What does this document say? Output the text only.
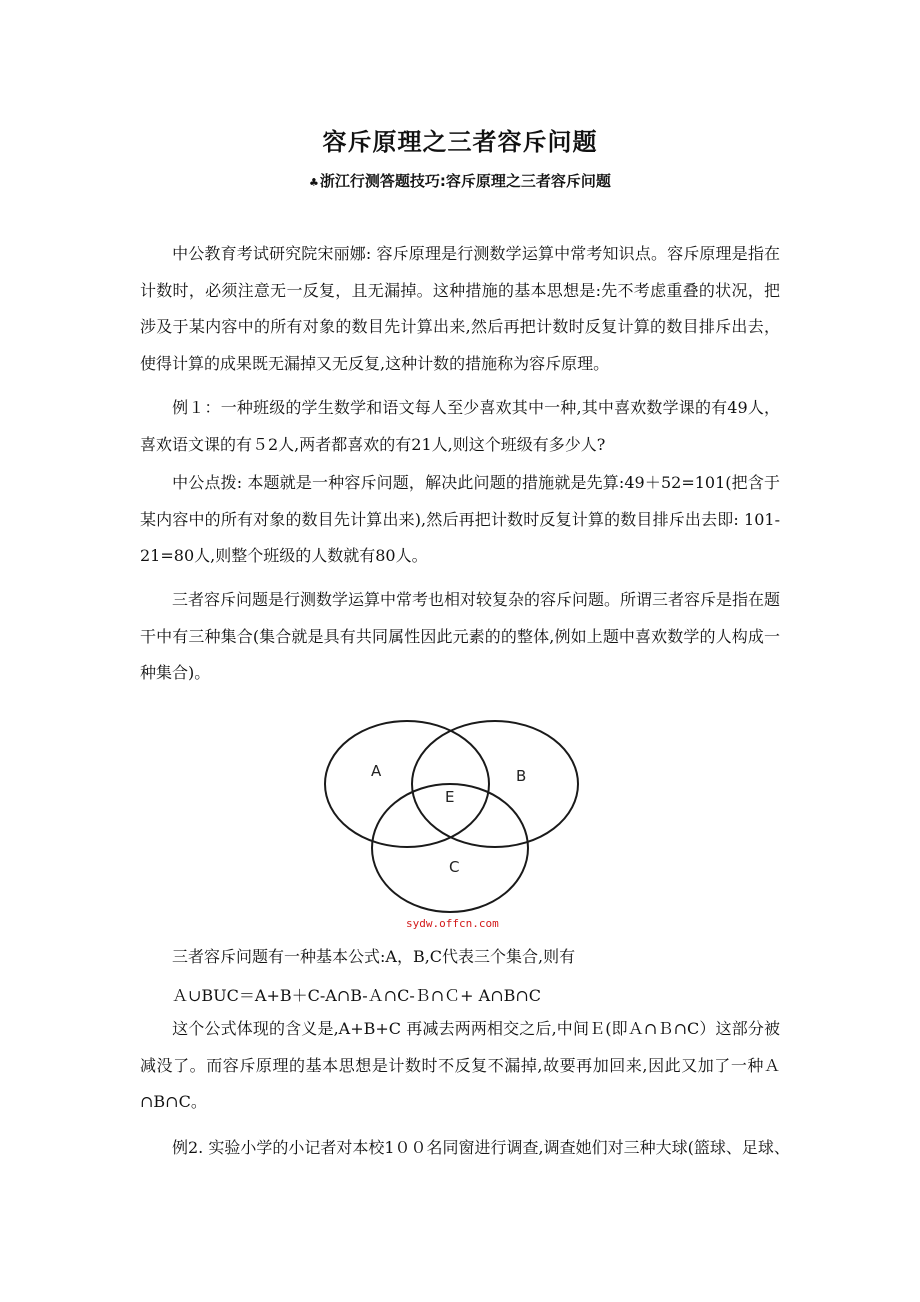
容斥原理之三者容斥问题
♣浙江行测答题技巧:容斥原理之三者容斥问题

中公教育考试研究院宋丽娜: 容斥原理是行测数学运算中常考知识点。容斥原理是指在计数时，必须注意无一反复，且无漏掉。这种措施的基本思想是:先不考虑重叠的状况，把涉及于某内容中的所有对象的数目先计算出来,然后再把计数时反复计算的数目排斥出去，使得计算的成果既无漏掉又无反复,这种计数的措施称为容斥原理。

例１：一种班级的学生数学和语文每人至少喜欢其中一种,其中喜欢数学课的有49人，喜欢语文课的有５2人,两者都喜欢的有21人,则这个班级有多少人?

中公点拨: 本题就是一种容斥问题，解决此问题的措施就是先算:49＋52=101(把含于某内容中的所有对象的数目先计算出来),然后再把计数时反复计算的数目排斥出去即: 101-21=80人,则整个班级的人数就有80人。

三者容斥问题是行测数学运算中常考也相对较复杂的容斥问题。所谓三者容斥是指在题干中有三种集合(集合就是具有共同属性因此元素的的整体,例如上题中喜欢数学的人构成一种集合)。

A	B
E
C
sydw.offcn.com
三者容斥问题有一种基本公式:A，B,C代表三个集合,则有
Ａ∪BUC＝A+B＋C-A∩B-Ａ∩C-Ｂ∩Ｃ+ A∩B∩C

这个公式体现的含义是,A+B+C 再减去两两相交之后,中间Ｅ(即Ａ∩Ｂ∩C）这部分被减没了。而容斥原理的基本思想是计数时不反复不漏掉,故要再加回来,因此又加了一种Ａ∩B∩C。

例2. 实验小学的小记者对本校1００名同窗进行调查,调查她们对三种大球(篮球、足球、
